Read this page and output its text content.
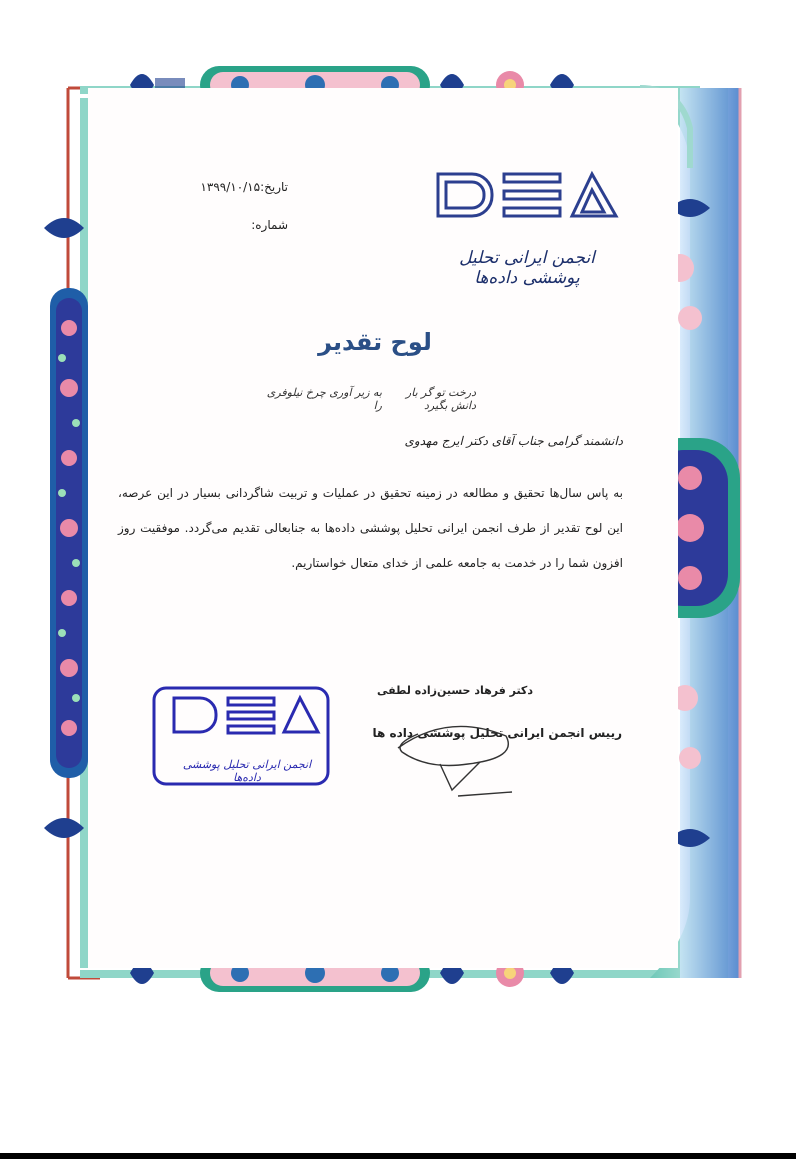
تاریخ:۱۳۹۹/۱۰/۱۵
شماره:	DEA
انجمن ایرانی تحلیل پوششی داده‌ها
لوح تقدیر
درخت تو گر بار دانش بگیرد
به زیر آوری چرخ نیلوفری را
دانشمند گرامی جناب آقای دکتر ایرج مهدوی
به پاس سال‌ها تحقیق و مطالعه در زمینه تحقیق در عملیات و تربیت شاگردانی بسیار در این عرصه، این لوح تقدیر از طرف انجمن ایرانی تحلیل پوششی داده‌ها به جنابعالی تقدیم می‌گردد. موفقیت روز افزون شما را در خدمت به جامعه علمی از خدای متعال خواستاریم.
DEA
انجمن ایرانی تحلیل پوششی داده‌ها
دکتر فرهاد حسین‌زاده لطفی
رییس انجمن ایرانی تحلیل پوششی داده ها
